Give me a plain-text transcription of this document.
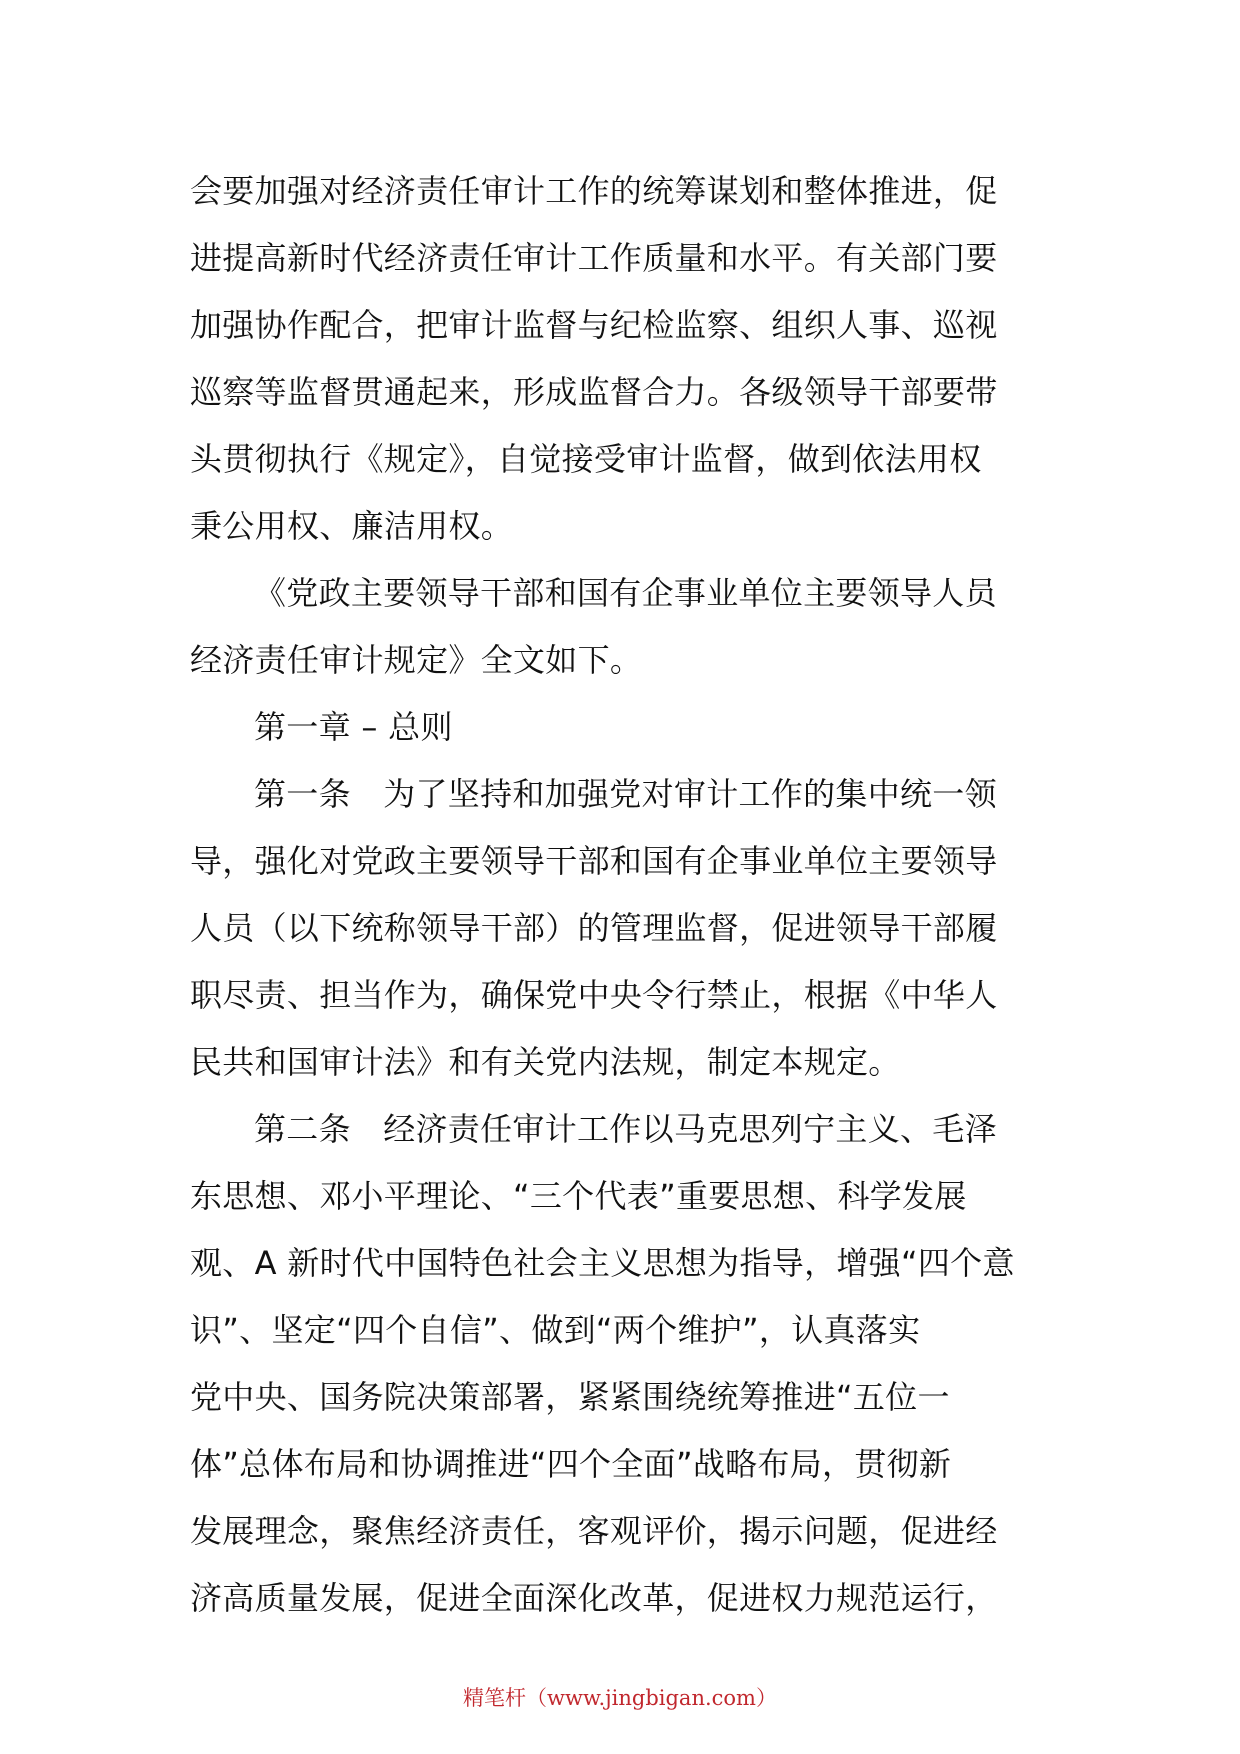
会要加强对经济责任审计工作的统筹谋划和整体推进，促
进提高新时代经济责任审计工作质量和水平。有关部门要
加强协作配合，把审计监督与纪检监察、组织人事、巡视
巡察等监督贯通起来，形成监督合力。各级领导干部要带
头贯彻执行《规定》，自觉接受审计监督，做到依法用权
秉公用权、廉洁用权。
《党政主要领导干部和国有企事业单位主要领导人员
经济责任审计规定》全文如下。
第一章 – 总则
第一条　为了坚持和加强党对审计工作的集中统一领
导，强化对党政主要领导干部和国有企事业单位主要领导
人员（以下统称领导干部）的管理监督，促进领导干部履
职尽责、担当作为，确保党中央令行禁止，根据《中华人
民共和国审计法》和有关党内法规，制定本规定。
第二条　经济责任审计工作以马克思列宁主义、毛泽
东思想、邓小平理论、“三个代表”重要思想、科学发展
观、A 新时代中国特色社会主义思想为指导，增强“四个意
识”、坚定“四个自信”、做到“两个维护”，认真落实
党中央、国务院决策部署，紧紧围绕统筹推进“五位一
体”总体布局和协调推进“四个全面”战略布局，贯彻新
发展理念，聚焦经济责任，客观评价，揭示问题，促进经
济高质量发展，促进全面深化改革，促进权力规范运行，
精笔杆（www.jingbigan.com）
